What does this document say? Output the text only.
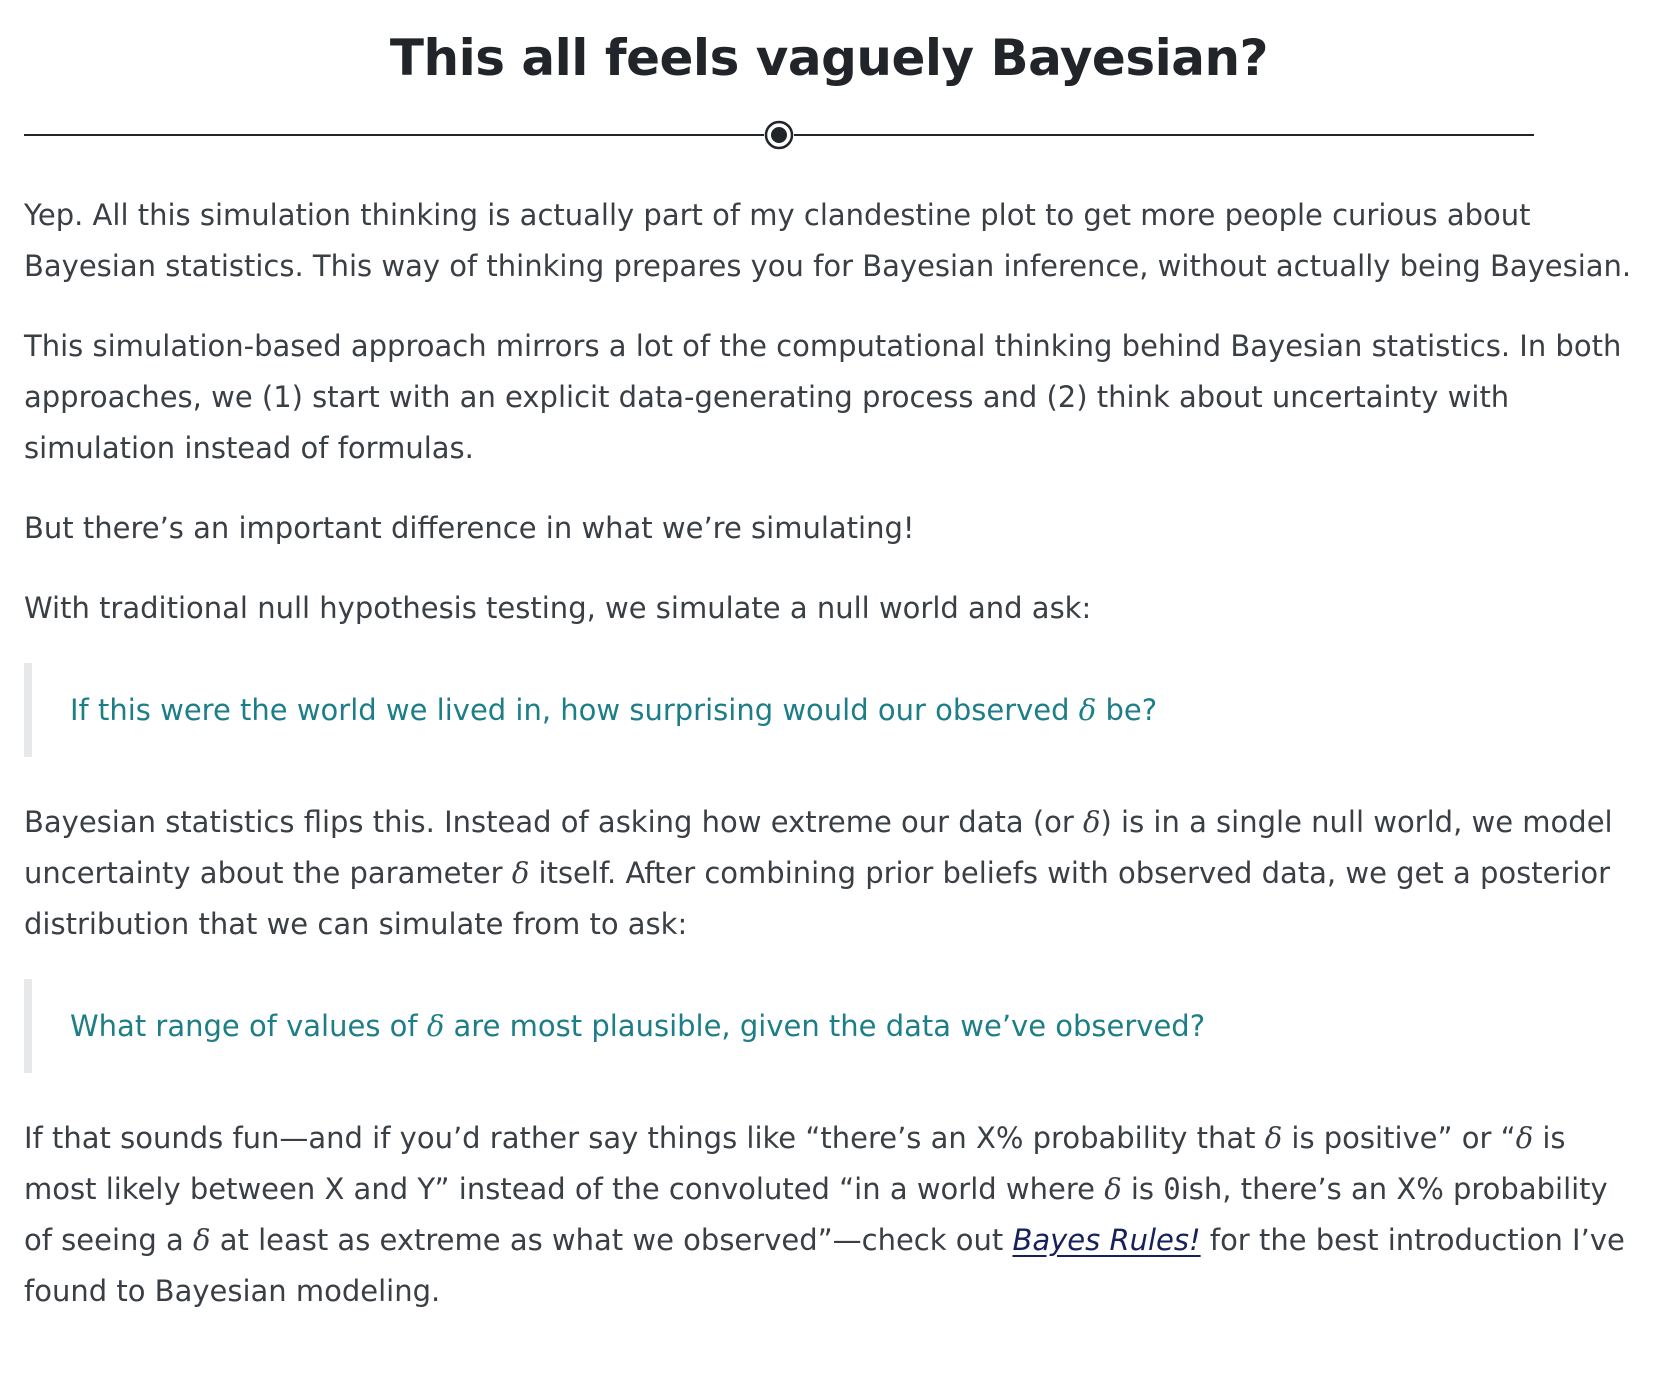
This all feels vaguely Bayesian?

Yep. All this simulation thinking is actually part of my clandestine plot to get more people curious about Bayesian statistics. This way of thinking prepares you for Bayesian inference, without actually being Bayesian.

This simulation-based approach mirrors a lot of the computational thinking behind Bayesian statistics. In both approaches, we (1) start with an explicit data-generating process and (2) think about uncertainty with simulation instead of formulas.

But there’s an important difference in what we’re simulating!

With traditional null hypothesis testing, we simulate a null world and ask:

If this were the world we lived in, how surprising would our observed δ be?

Bayesian statistics flips this. Instead of asking how extreme our data (or δ) is in a single null world, we model uncertainty about the parameter δ itself. After combining prior beliefs with observed data, we get a posterior distribution that we can simulate from to ask:

What range of values of δ are most plausible, given the data we’ve observed?

If that sounds fun—and if you’d rather say things like “there’s an X% probability that δ is positive” or “δ is most likely between X and Y” instead of the convoluted “in a world where δ is 0ish, there’s an X% probability of seeing a δ at least as extreme as what we observed”—check out Bayes Rules! for the best introduction I’ve found to Bayesian modeling.
